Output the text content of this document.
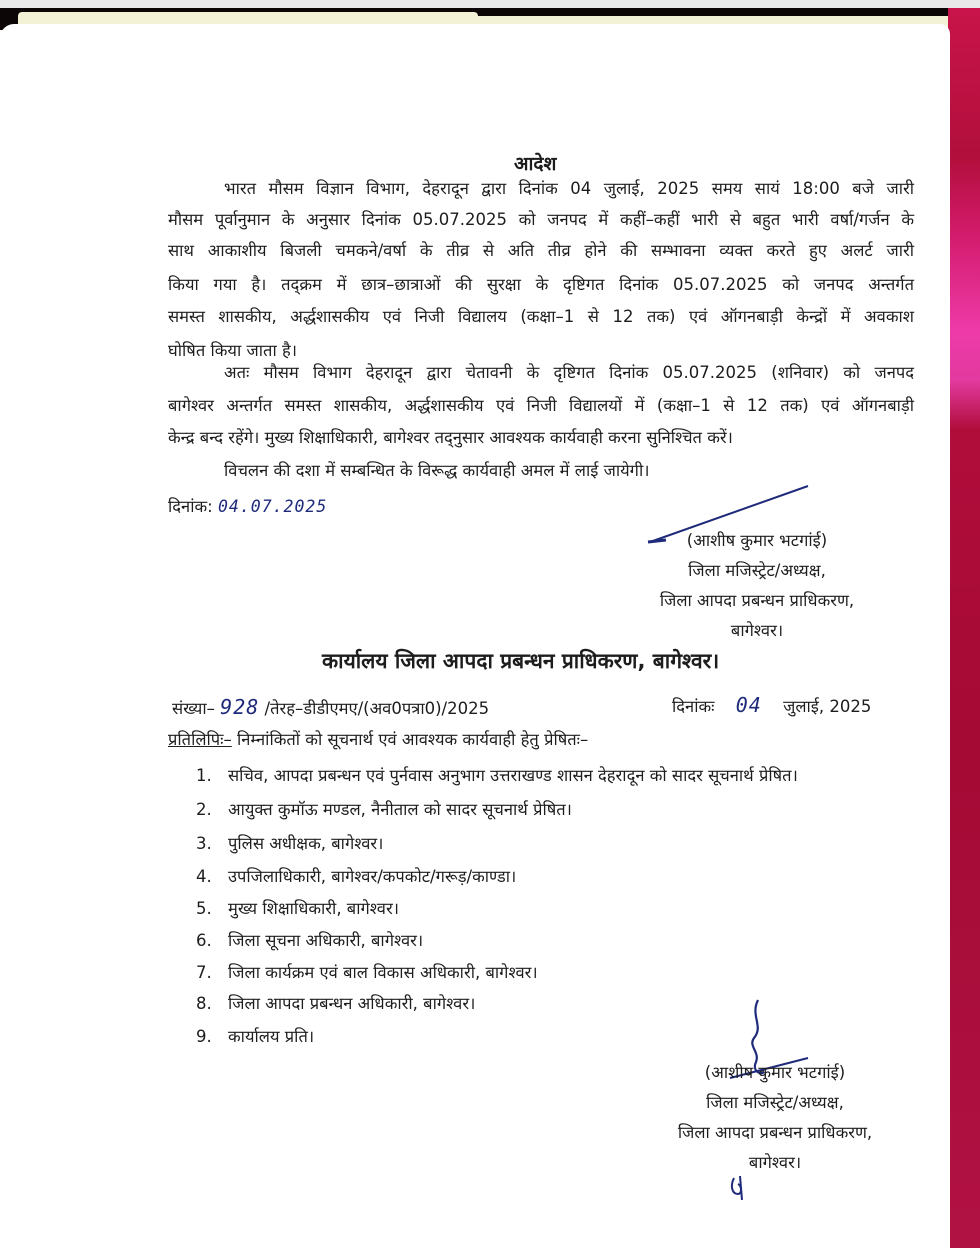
आदेश
भारत मौसम विज्ञान विभाग, देहरादून द्वारा दिनांक 04 जुलाई, 2025 समय सायं 18:00 बजे जारी
मौसम पूर्वानुमान के अनुसार दिनांक 05.07.2025 को जनपद में कहीं–कहीं भारी से बहुत भारी वर्षा/गर्जन के
साथ आकाशीय बिजली चमकने/वर्षा के तीव्र से अति तीव्र होने की सम्भावना व्यक्त करते हुए अलर्ट जारी
किया गया है। तद्क्रम में छात्र–छात्राओं की सुरक्षा के दृष्टिगत दिनांक 05.07.2025 को जनपद अन्तर्गत
समस्त शासकीय, अर्द्धशासकीय एवं निजी विद्यालय (कक्षा–1 से 12 तक) एवं ऑगनबाड़ी केन्द्रों में अवकाश
घोषित किया जाता है।
अतः मौसम विभाग देहरादून द्वारा चेतावनी के दृष्टिगत दिनांक 05.07.2025 (शनिवार) को जनपद
बागेश्वर अन्तर्गत समस्त शासकीय, अर्द्धशासकीय एवं निजी विद्यालयों में (कक्षा–1 से 12 तक) एवं ऑगनबाड़ी
केन्द्र बन्द रहेंगे। मुख्य शिक्षाधिकारी, बागेश्वर तद्नुसार आवश्यक कार्यवाही करना सुनिश्चित करें।
विचलन की दशा में सम्बन्धित के विरूद्ध कार्यवाही अमल में लाई जायेगी।
दिनांक: 04.07.2025
(आशीष कुमार भटगांई)
जिला मजिस्ट्रेट/अध्यक्ष,
जिला आपदा प्रबन्धन प्राधिकरण,
बागेश्वर।
कार्यालय जिला आपदा प्रबन्धन प्राधिकरण, बागेश्वर।
संख्या– 928 /तेरह–डीडीएमए/(अव0पत्रा0)/2025	दिनांकः 04 जुलाई, 2025
प्रतिलिपिः– निम्नांकितों को सूचनार्थ एवं आवश्यक कार्यवाही हेतु प्रेषितः–
1. सचिव, आपदा प्रबन्धन एवं पुर्नवास अनुभाग उत्तराखण्ड शासन देहरादून को सादर सूचनार्थ प्रेषित।
2. आयुक्त कुमॉऊ मण्डल, नैनीताल को सादर सूचनार्थ प्रेषित।
3. पुलिस अधीक्षक, बागेश्वर।
4. उपजिलाधिकारी, बागेश्वर/कपकोट/गरूड़/काण्डा।
5. मुख्य शिक्षाधिकारी, बागेश्वर।
6. जिला सूचना अधिकारी, बागेश्वर।
7. जिला कार्यक्रम एवं बाल विकास अधिकारी, बागेश्वर।
8. जिला आपदा प्रबन्धन अधिकारी, बागेश्वर।
9. कार्यालय प्रति।
(आशीष कुमार भटगांई)
जिला मजिस्ट्रेट/अध्यक्ष,
जिला आपदा प्रबन्धन प्राधिकरण,
बागेश्वर।
